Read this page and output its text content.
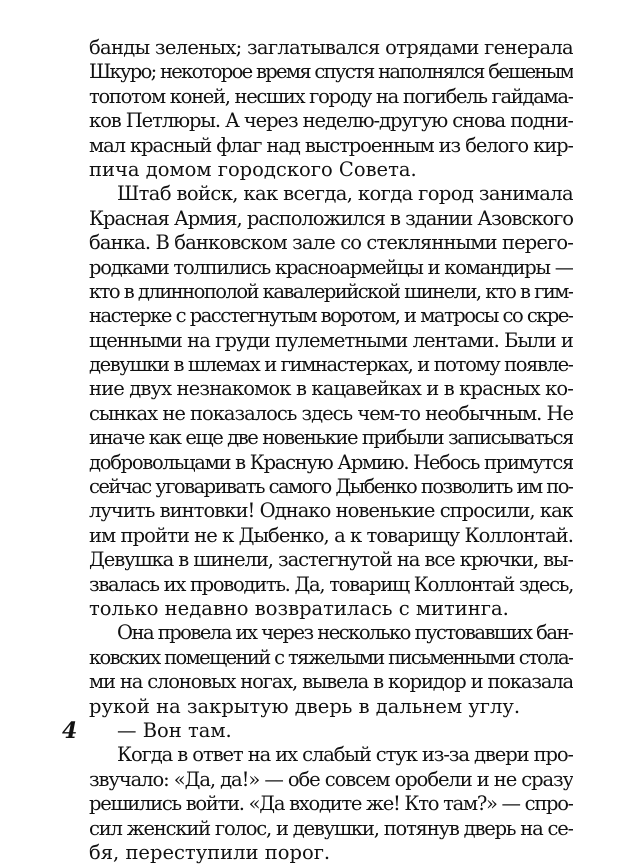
банды зеленых; заглатывался отрядами генерала
Шкуро; некоторое время спустя наполнялся бешеным
топотом коней, несших городу на погибель гайдама-
ков Петлюры. А через неделю-другую снова подни-
мал красный флаг над выстроенным из белого кир-
пича домом городского Совета.
Штаб войск, как всегда, когда город занимала
Красная Армия, расположился в здании Азовского
банка. В банковском зале со стеклянными перего-
родками толпились красноармейцы и командиры —
кто в длиннополой кавалерийской шинели, кто в гим-
настерке с расстегнутым воротом, и матросы со скре-
щенными на груди пулеметными лентами. Были и
девушки в шлемах и гимнастерках, и потому появле-
ние двух незнакомок в кацавейках и в красных ко-
сынках не показалось здесь чем-то необычным. Не
иначе как еще две новенькие прибыли записываться
добровольцами в Красную Армию. Небось примутся
сейчас уговаривать самого Дыбенко позволить им по-
лучить винтовки! Однако новенькие спросили, как
им пройти не к Дыбенко, а к товарищу Коллонтай.
Девушка в шинели, застегнутой на все крючки, вы-
звалась их проводить. Да, товарищ Коллонтай здесь,
только недавно возвратилась с митинга.
Она провела их через несколько пустовавших бан-
ковских помещений с тяжелыми письменными стола-
ми на слоновых ногах, вывела в коридор и показала
рукой на закрытую дверь в дальнем углу.
— Вон там.
Когда в ответ на их слабый стук из-за двери про-
звучало: «Да, да!» — обе совсем оробели и не сразу
решились войти. «Да входите же! Кто там?» — спро-
сил женский голос, и девушки, потянув дверь на се-
бя, переступили порог.
4
